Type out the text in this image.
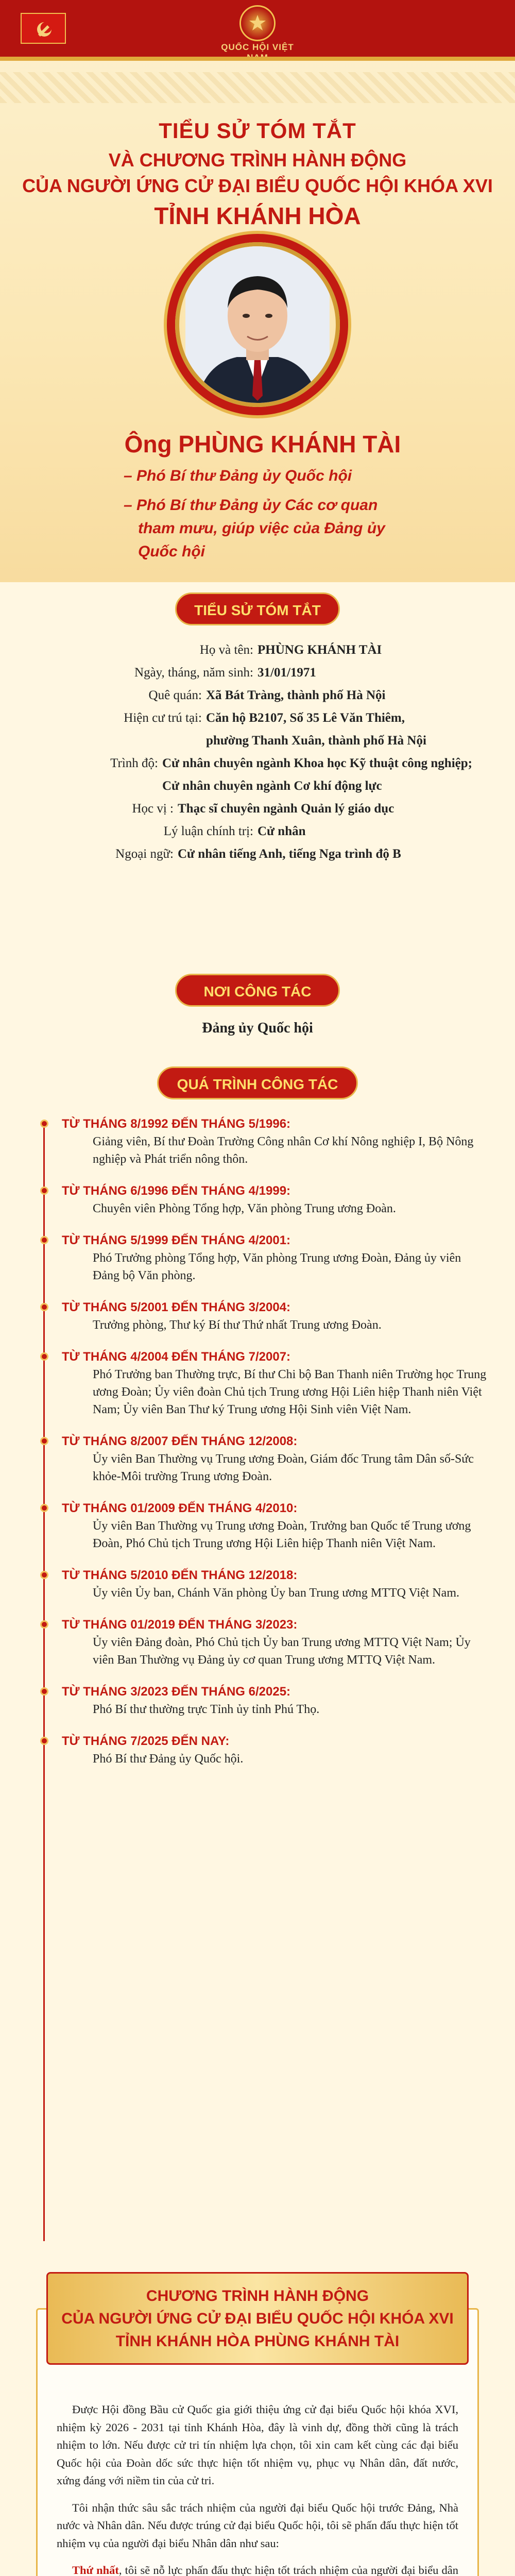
QUỐC HỘI VIỆT
TIỂU SỬ TÓM TẮT
VÀ CHƯƠNG TRÌNH HÀNH ĐỘNG
CỦA NGƯỜI ỨNG CỬ ĐẠI BIỂU QUỐC HỘI KHÓA XVI
TỈNH KHÁNH HÒA
Ông PHÙNG KHÁNH TÀI
– Phó Bí thư Đảng ủy Quốc hội
– Phó Bí thư Đảng ủy Các cơ quan
tham mưu, giúp việc của Đảng ủy Quốc hội
TIỂU SỬ TÓM TẮT
Họ và tên: PHÙNG KHÁNH TÀI
Ngày, tháng, năm sinh: 31/01/1971
Quê quán: Xã Bát Tràng, thành phố Hà Nội
Hiện cư trú tại: Căn hộ B2107, Số 35 Lê Văn Thiêm,
phường Thanh Xuân, thành phố Hà Nội
Trình độ: Cử nhân chuyên ngành Khoa học Kỹ thuật công nghiệp;
Cử nhân chuyên ngành Cơ khí động lực
Học vị : Thạc sĩ chuyên ngành Quản lý giáo dục
Lý luận chính trị: Cử nhân
Ngoại ngữ: Cử nhân tiếng Anh, tiếng Nga trình độ B
NƠI CÔNG TÁC
Đảng ủy Quốc hội
QUÁ TRÌNH CÔNG TÁC
TỪ THÁNG 8/1992 ĐẾN THÁNG 5/1996:
Giảng viên, Bí thư Đoàn Trường Công nhân Cơ khí Nông nghiệp I, Bộ Nông nghiệp và Phát triển nông thôn.
TỪ THÁNG 6/1996 ĐẾN THÁNG 4/1999:
Chuyên viên Phòng Tổng hợp, Văn phòng Trung ương Đoàn.
TỪ THÁNG 5/1999 ĐẾN THÁNG 4/2001:
Phó Trưởng phòng Tổng hợp, Văn phòng Trung ương Đoàn, Đảng ủy viên Đảng bộ Văn phòng.
TỪ THÁNG 5/2001 ĐẾN THÁNG 3/2004:
Trưởng phòng, Thư ký Bí thư Thứ nhất Trung ương Đoàn.
TỪ THÁNG 4/2004 ĐẾN THÁNG 7/2007:
Phó Trưởng ban Thường trực, Bí thư Chi bộ Ban Thanh niên Trường học Trung ương Đoàn; Ủy viên đoàn Chủ tịch Trung ương Hội Liên hiệp Thanh niên Việt Nam; Ủy viên Ban Thư ký Trung ương Hội Sinh viên Việt Nam.
TỪ THÁNG 8/2007 ĐẾN THÁNG 12/2008:
Ủy viên Ban Thường vụ Trung ương Đoàn, Giám đốc Trung tâm Dân số-Sức khỏe-Môi trường Trung ương Đoàn.
TỪ THÁNG 01/2009 ĐẾN THÁNG 4/2010:
Ủy viên Ban Thường vụ Trung ương Đoàn, Trưởng ban Quốc tế Trung ương Đoàn, Phó Chủ tịch Trung ương Hội Liên hiệp Thanh niên Việt Nam.
TỪ THÁNG 5/2010 ĐẾN THÁNG 12/2018:
Ủy viên Ủy ban, Chánh Văn phòng Ủy ban Trung ương MTTQ Việt Nam.
TỪ THÁNG 01/2019 ĐẾN THÁNG 3/2023:
Ủy viên Đảng đoàn, Phó Chủ tịch Ủy ban Trung ương MTTQ Việt Nam; Ủy viên Ban Thường vụ Đảng ủy cơ quan Trung ương MTTQ Việt Nam.
TỪ THÁNG 3/2023 ĐẾN THÁNG 6/2025:
Phó Bí thư thường trực Tỉnh ủy tỉnh Phú Thọ.
TỪ THÁNG 7/2025 ĐẾN NAY:
Phó Bí thư Đảng ủy Quốc hội.
CHƯƠNG TRÌNH HÀNH ĐỘNG
CỦA NGƯỜI ỨNG CỬ ĐẠI BIỂU QUỐC HỘI KHÓA XVI
TỈNH KHÁNH HÒA PHÙNG KHÁNH TÀI

Được Hội đồng Bầu cử Quốc gia giới thiệu ứng cử đại biểu Quốc hội khóa XVI, nhiệm kỳ 2026 - 2031 tại tỉnh Khánh Hòa, đây là vinh dự, đồng thời cũng là trách nhiệm to lớn. Nếu được cử tri tín nhiệm lựa chọn, tôi xin cam kết cùng các đại biểu Quốc hội của Đoàn dốc sức thực hiện tốt nhiệm vụ, phục vụ Nhân dân, đất nước, xứng đáng với niềm tin của cử tri.

Tôi nhận thức sâu sắc trách nhiệm của người đại biểu Quốc hội trước Đảng, Nhà nước và Nhân dân. Nếu được trúng cử đại biểu Quốc hội, tôi sẽ phấn đấu thực hiện tốt nhiệm vụ của người đại biểu Nhân dân như sau:

Thứ nhất, tôi sẽ nỗ lực phấn đấu thực hiện tốt trách nhiệm của người đại biểu dân
